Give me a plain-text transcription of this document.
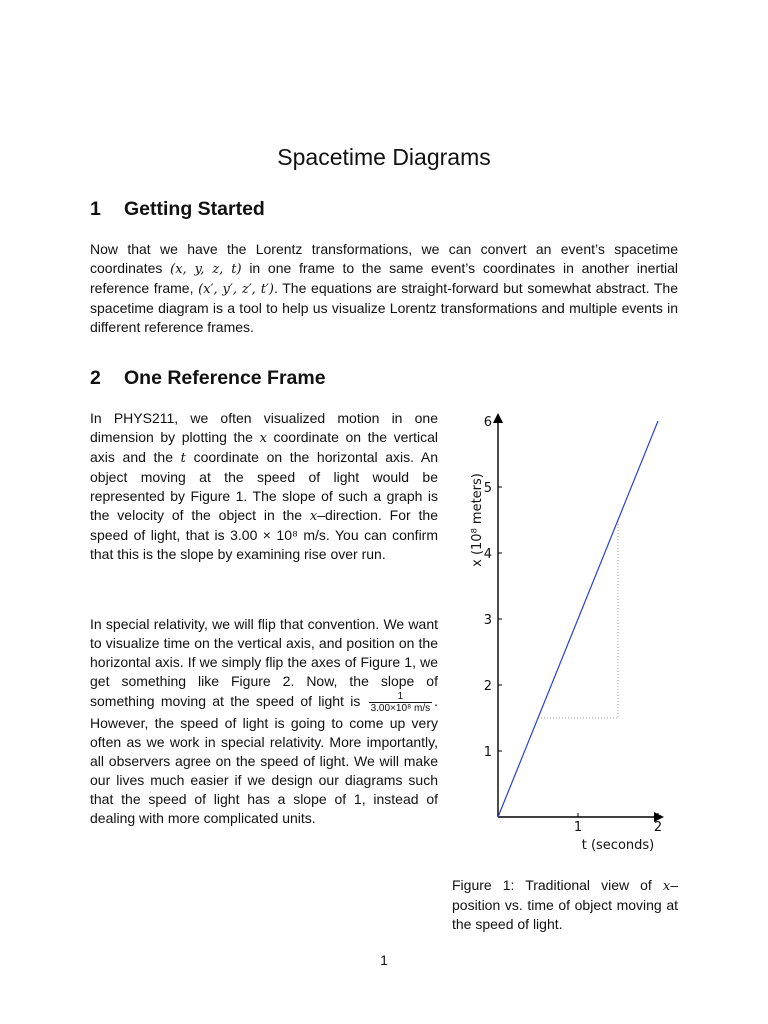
Spacetime Diagrams
1 Getting Started
Now that we have the Lorentz transformations, we can convert an event’s spacetime coordinates (x, y, z, t) in one frame to the same event’s coordinates in another inertial reference frame, (x′, y′, z′, t′). The equations are straight-forward but somewhat abstract. The spacetime diagram is a tool to help us visualize Lorentz transformations and multiple events in different reference frames.
2 One Reference Frame
In PHYS211, we often visualized motion in one dimension by plotting the x coordinate on the vertical axis and the t coordinate on the horizontal axis. An object moving at the speed of light would be represented by Figure 1. The slope of such a graph is the velocity of the object in the x–direction. For the speed of light, that is 3.00 × 10⁸ m/s. You can confirm that this is the slope by examining rise over run.
In special relativity, we will flip that convention. We want to visualize time on the vertical axis, and position on the horizontal axis. If we simply flip the axes of Figure 1, we get something like Figure 2. Now, the slope of something moving at the speed of light is $\frac{1}{\text{3.00×10⁸ m/s}}$ . However, the speed of light is going to come up very often as we work in special relativity. More importantly, all observers agree on the speed of light. We will make our lives much easier if we design our diagrams such that the speed of light has a slope of 1, instead of dealing with more complicated units.
1
2
3
4
5
6
1	2
t (seconds)
x (10⁸ meters)
Figure 1: Traditional view of x–position vs. time of object moving at the speed of light.
1
